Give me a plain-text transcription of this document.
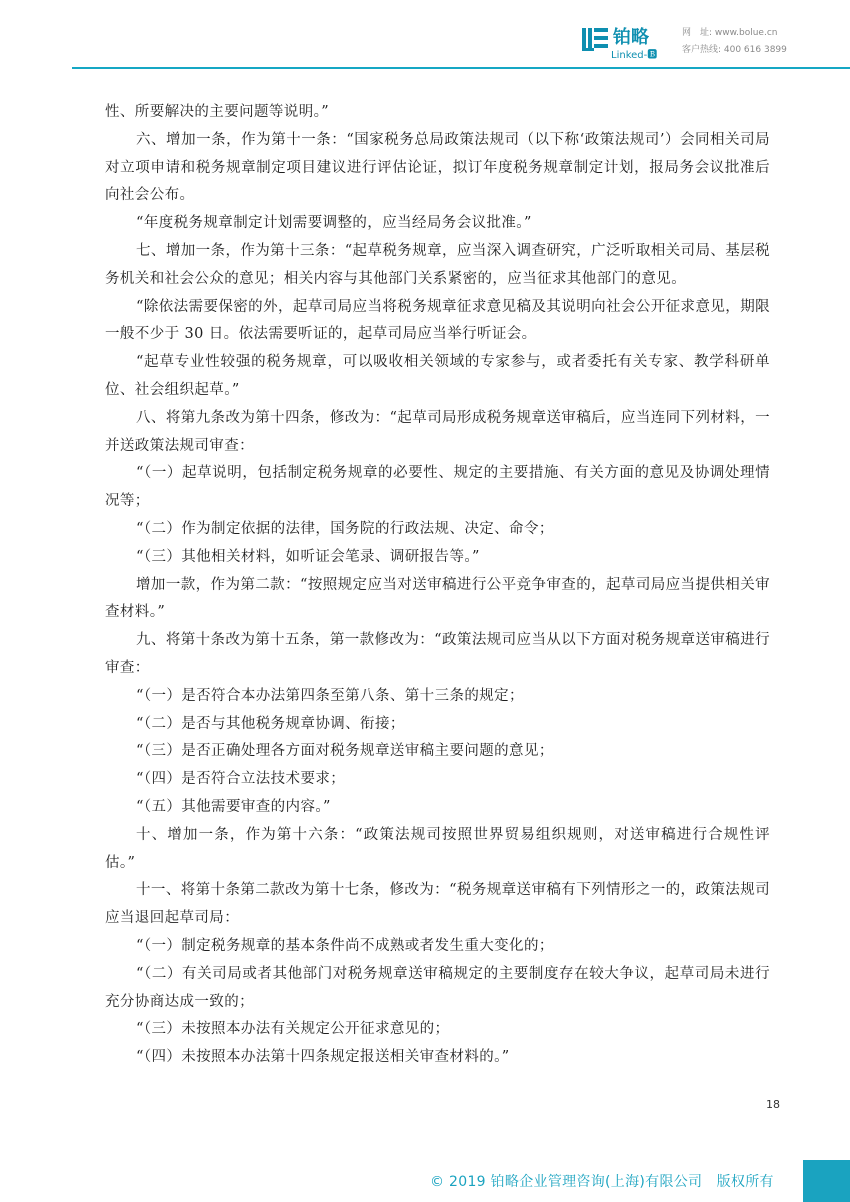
铂略
Linked-🅱
网　址: www.bolue.cn
客户热线: 400 616 3899

性、所要解决的主要问题等说明。”

六、增加一条，作为第十一条：“国家税务总局政策法规司（以下称‘政策法规司’）会同相关司局对立项申请和税务规章制定项目建议进行评估论证，拟订年度税务规章制定计划，报局务会议批准后向社会公布。

“年度税务规章制定计划需要调整的，应当经局务会议批准。”

七、增加一条，作为第十三条：“起草税务规章，应当深入调查研究，广泛听取相关司局、基层税务机关和社会公众的意见；相关内容与其他部门关系紧密的，应当征求其他部门的意见。

“除依法需要保密的外，起草司局应当将税务规章征求意见稿及其说明向社会公开征求意见，期限一般不少于 30 日。依法需要听证的，起草司局应当举行听证会。

“起草专业性较强的税务规章，可以吸收相关领域的专家参与，或者委托有关专家、教学科研单位、社会组织起草。”

八、将第九条改为第十四条，修改为：“起草司局形成税务规章送审稿后，应当连同下列材料，一并送政策法规司审查：

“（一）起草说明，包括制定税务规章的必要性、规定的主要措施、有关方面的意见及协调处理情况等；

“（二）作为制定依据的法律，国务院的行政法规、决定、命令；

“（三）其他相关材料，如听证会笔录、调研报告等。”

增加一款，作为第二款：“按照规定应当对送审稿进行公平竞争审查的，起草司局应当提供相关审查材料。”

九、将第十条改为第十五条，第一款修改为：“政策法规司应当从以下方面对税务规章送审稿进行审查：

“（一）是否符合本办法第四条至第八条、第十三条的规定；

“（二）是否与其他税务规章协调、衔接；

“（三）是否正确处理各方面对税务规章送审稿主要问题的意见；

“（四）是否符合立法技术要求；

“（五）其他需要审查的内容。”

十、增加一条，作为第十六条：“政策法规司按照世界贸易组织规则，对送审稿进行合规性评估。”

十一、将第十条第二款改为第十七条，修改为：“税务规章送审稿有下列情形之一的，政策法规司应当退回起草司局：

“（一）制定税务规章的基本条件尚不成熟或者发生重大变化的；

“（二）有关司局或者其他部门对税务规章送审稿规定的主要制度存在较大争议，起草司局未进行充分协商达成一致的；

“（三）未按照本办法有关规定公开征求意见的；

“（四）未按照本办法第十四条规定报送相关审查材料的。”

18
© 2019 铂略企业管理咨询(上海)有限公司　版权所有
